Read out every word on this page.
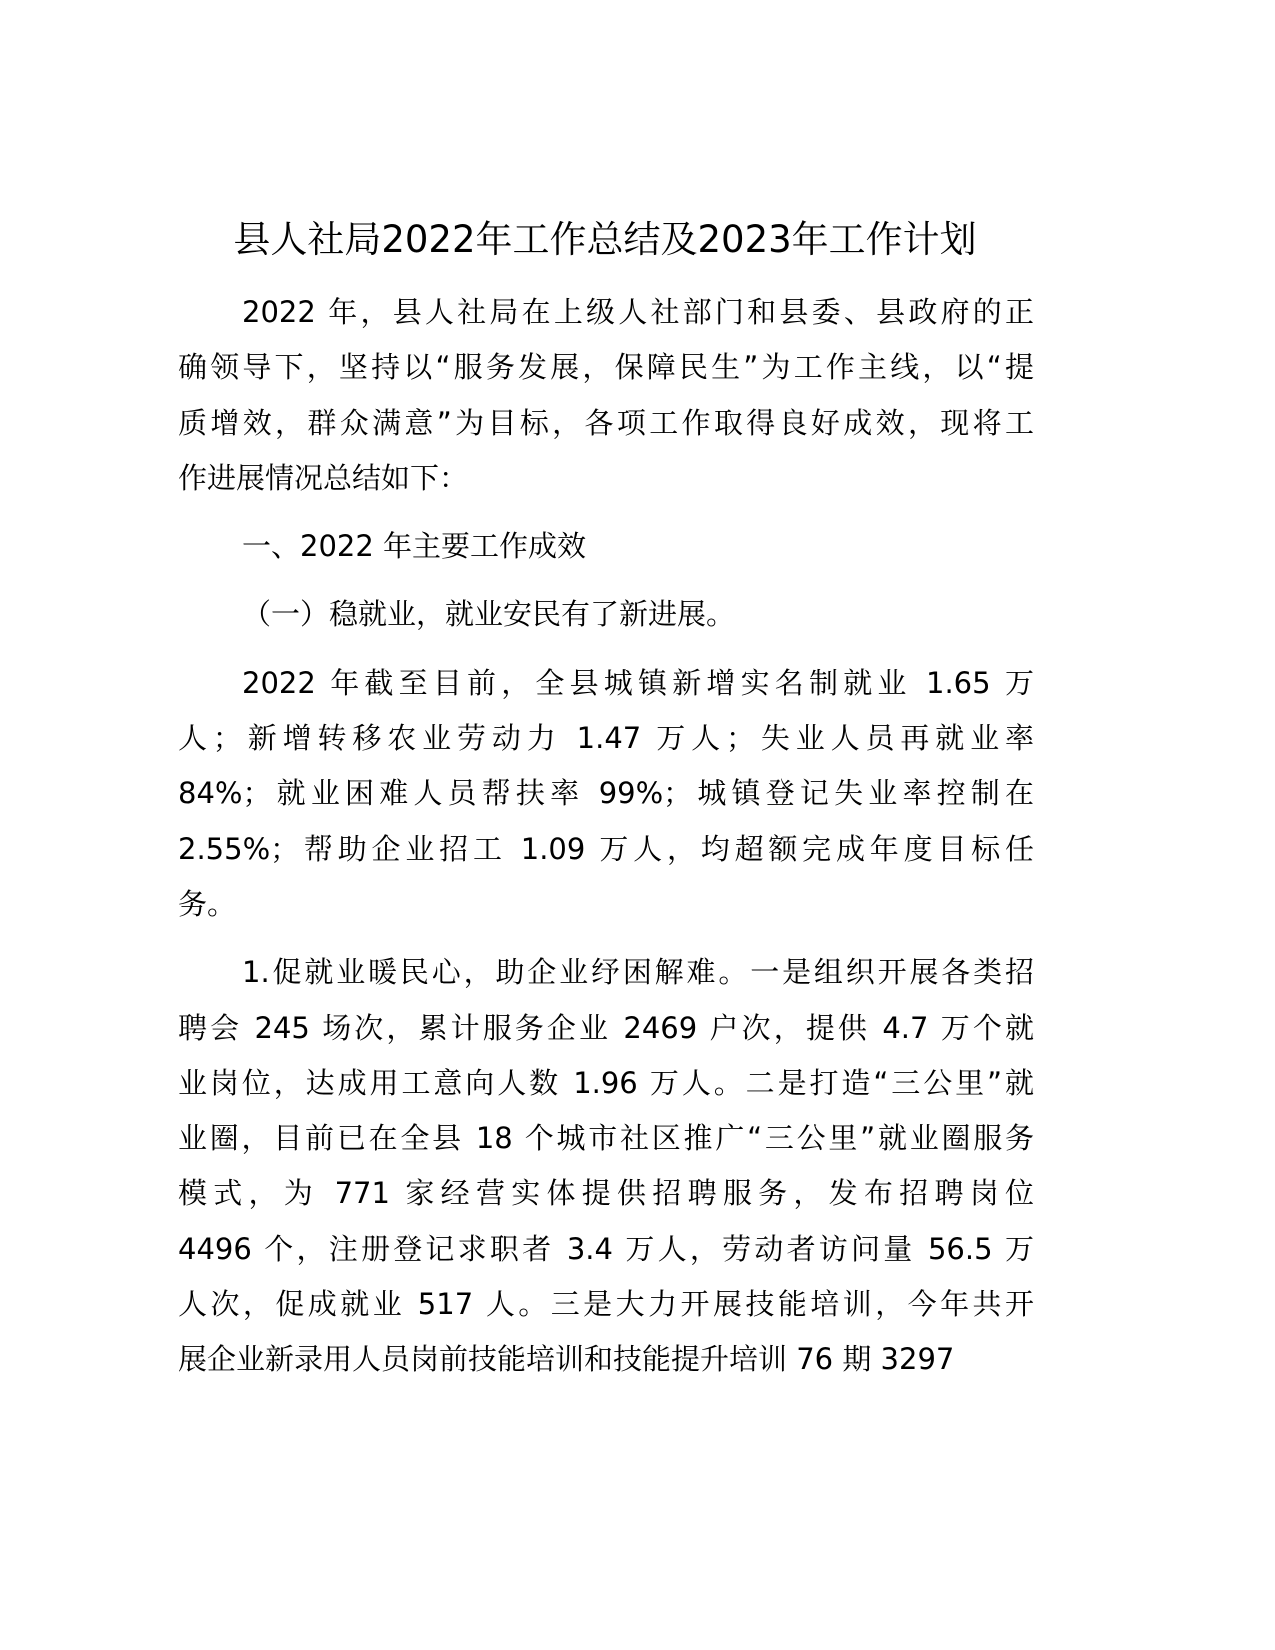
县人社局2022年工作总结及2023年工作计划
2022 年，县人社局在上级人社部门和县委、县政府的正
确领导下，坚持以“服务发展，保障民生”为工作主线，以“提
质增效，群众满意”为目标，各项工作取得良好成效，现将工
作进展情况总结如下：
一、2022 年主要工作成效
（一）稳就业，就业安民有了新进展。
2022 年截至目前，全县城镇新增实名制就业 1.65 万
人；新增转移农业劳动力 1.47 万人；失业人员再就业率
84%；就业困难人员帮扶率 99%；城镇登记失业率控制在
2.55%；帮助企业招工 1.09 万人，均超额完成年度目标任
务。
1.促就业暖民心，助企业纾困解难。一是组织开展各类招
聘会 245 场次，累计服务企业 2469 户次，提供 4.7 万个就
业岗位，达成用工意向人数 1.96 万人。二是打造“三公里”就
业圈，目前已在全县 18 个城市社区推广“三公里”就业圈服务
模式，为 771 家经营实体提供招聘服务，发布招聘岗位
4496 个，注册登记求职者 3.4 万人，劳动者访问量 56.5 万
人次，促成就业 517 人。三是大力开展技能培训，今年共开
展企业新录用人员岗前技能培训和技能提升培训 76 期 3297
